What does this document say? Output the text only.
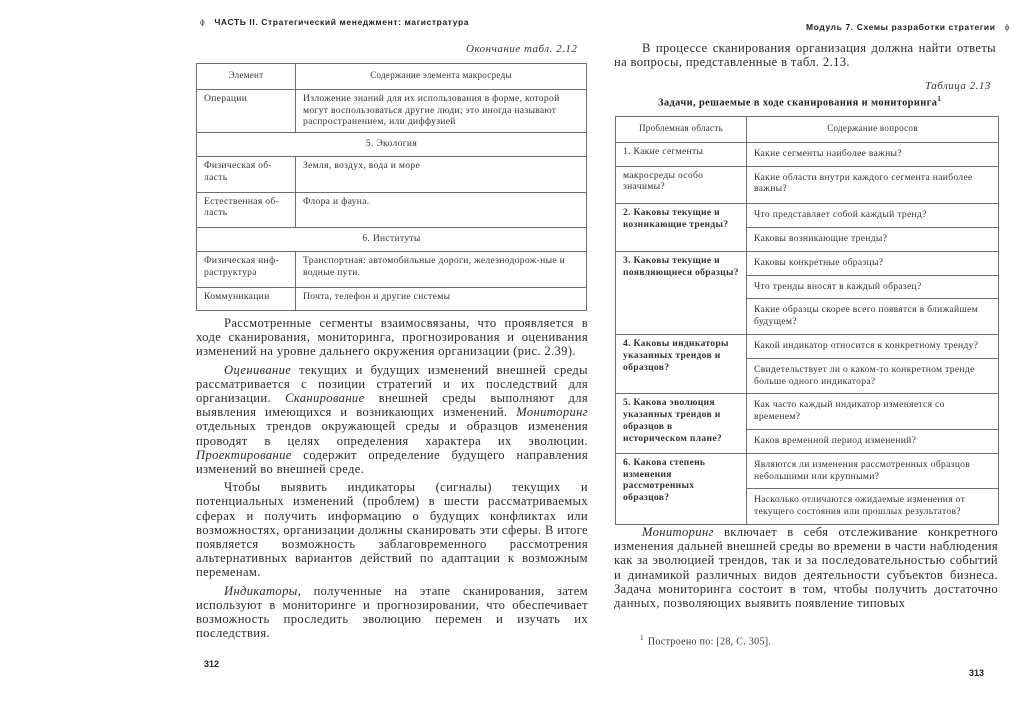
ϕ ЧАСТЬ II. Стратегический менеджмент: магистратура
Окончание табл. 2.12
Элемент	Содержание элемента макросреды
Операции	Изложение знаний для их использования в форме, которой могут воспользоваться другие люди; это иногда называют распространением, или диффузией
5. Экология	
Физическая об-ласть	Земля, воздух, вода и море
Естественная об-ласть	Флора и фауна.
6. Институты	
Физическая инф-раструктура	Транспортная: автомобильные дороги, железнодорож-ные и водные пути.
Коммуникации	Почта, телефон и другие системы

Рассмотренные сегменты взаимосвязаны, что проявляется в ходе сканирования, мониторинга, прогнозирования и оценивания изменений на уровне дальнего окружения организации (рис. 2.39).

Оценивание текущих и будущих изменений внешней среды рассматривается с позиции стратегий и их последствий для организации. Сканирование внешней среды выполняют для выявления имеющихся и возникающих изменений. Мониторинг отдельных трендов окружающей среды и образцов изменения проводят в целях определения характера их эволюции. Проектирование содержит определение будущего направления изменений во внешней среде.

Чтобы выявить индикаторы (сигналы) текущих и потенциальных изменений (проблем) в шести рассматриваемых сферах и получить информацию о будущих конфликтах или возможностях, организации должны сканировать эти сферы. В итоге появляется возможность заблаговременного рассмотрения альтернативных вариантов действий по адаптации к возможным переменам.

Индикаторы, полученные на этапе сканирования, затем используют в мониторинге и прогнозировании, что обеспечивает возможность проследить эволюцию перемен и изучать их последствия.

312
Модуль 7. Схемы разработки стратегии ϕ

В процессе сканирования организация должна найти ответы на вопросы, представленные в табл. 2.13.

Таблица 2.13
Задачи, решаемые в ходе сканирования и мониторинга$^1$
Проблемная область	Содержание вопросов
1. Какие сегменты	Какие сегменты наиболее важны?
макросреды особо значимы?	Какие области внутри каждого сегмента наиболее важны?
2. Каковы текущие и возникающие тренды?	Что представляет собой каждый тренд?
	Каковы возникающие тренды?
3. Каковы текущие и появляющиеся образцы?	Каковы конкретные образцы?
	Что тренды вносят в каждый образец?
	Какие образцы скорее всего появятся в ближайшем будущем?
4. Каковы индикаторы указанных трендов и образцов?	Какой индикатор относится к конкретному тренду?
	Свидетельствует ли о каком-то конкретном тренде больше одного индикатора?
5. Какова эволюция указанных трендов и образцов в историческом плане?	Как часто каждый индикатор изменяется со временем?
	Каков временной период изменений?
6. Какова степень изменения рассмотренных образцов?	Являются ли изменения рассмотренных образцов небольшими или крупными?
	Насколько отличаются ожидаемые изменения от текущего состояния или прошлых результатов?

Мониторинг включает в себя отслеживание конкретного изменения дальней внешней среды во времени в части наблюдения как за эволюцией трендов, так и за последовательностью событий и динамикой различных видов деятельности субъектов бизнеса. Задача мониторинга состоит в том, чтобы получить достаточно данных, позволяющих выявить появление типовых

$^1$ Построено по: [28, С. 305].
313
